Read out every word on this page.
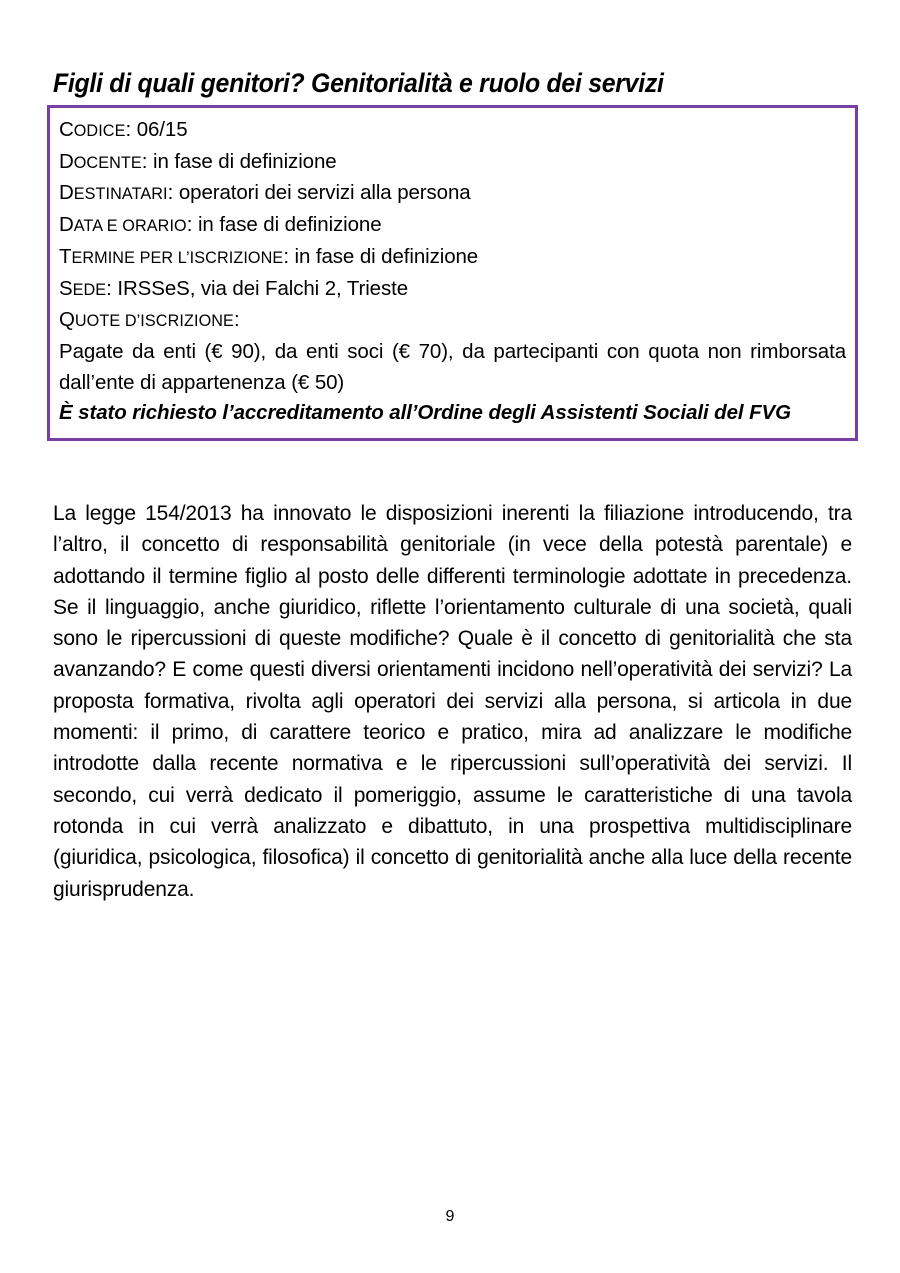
Figli di quali genitori? Genitorialità e ruolo dei servizi
CODICE: 06/15
DOCENTE: in fase di definizione
DESTINATARI: operatori dei servizi alla persona
DATA E ORARIO: in fase di definizione
TERMINE PER L’ISCRIZIONE: in fase di definizione
SEDE: IRSSeS, via dei Falchi 2, Trieste
QUOTE D’ISCRIZIONE:

Pagate da enti (€ 90), da enti soci (€ 70), da partecipanti con quota non rimborsata dall’ente di appartenenza (€ 50)

È stato richiesto l’accreditamento all’Ordine degli Assistenti Sociali del FVG

La legge 154/2013 ha innovato le disposizioni inerenti la filiazione introducendo, tra l’altro, il concetto di responsabilità genitoriale (in vece della potestà parentale) e adottando il termine figlio al posto delle differenti terminologie adottate in precedenza. Se il linguaggio, anche giuridico, riflette l’orientamento culturale di una società, quali sono le ripercussioni di queste modifiche? Quale è il concetto di genitorialità che sta avanzando? E come questi diversi orientamenti incidono nell’operatività dei servizi? La proposta formativa, rivolta agli operatori dei servizi alla persona, si articola in due momenti: il primo, di carattere teorico e pratico, mira ad analizzare le modifiche introdotte dalla recente normativa e le ripercussioni sull’operatività dei servizi. Il secondo, cui verrà dedicato il pomeriggio, assume le caratteristiche di una tavola rotonda in cui verrà analizzato e dibattuto, in una prospettiva multidisciplinare (giuridica, psicologica, filosofica) il concetto di genitorialità anche alla luce della recente giurisprudenza.

9
